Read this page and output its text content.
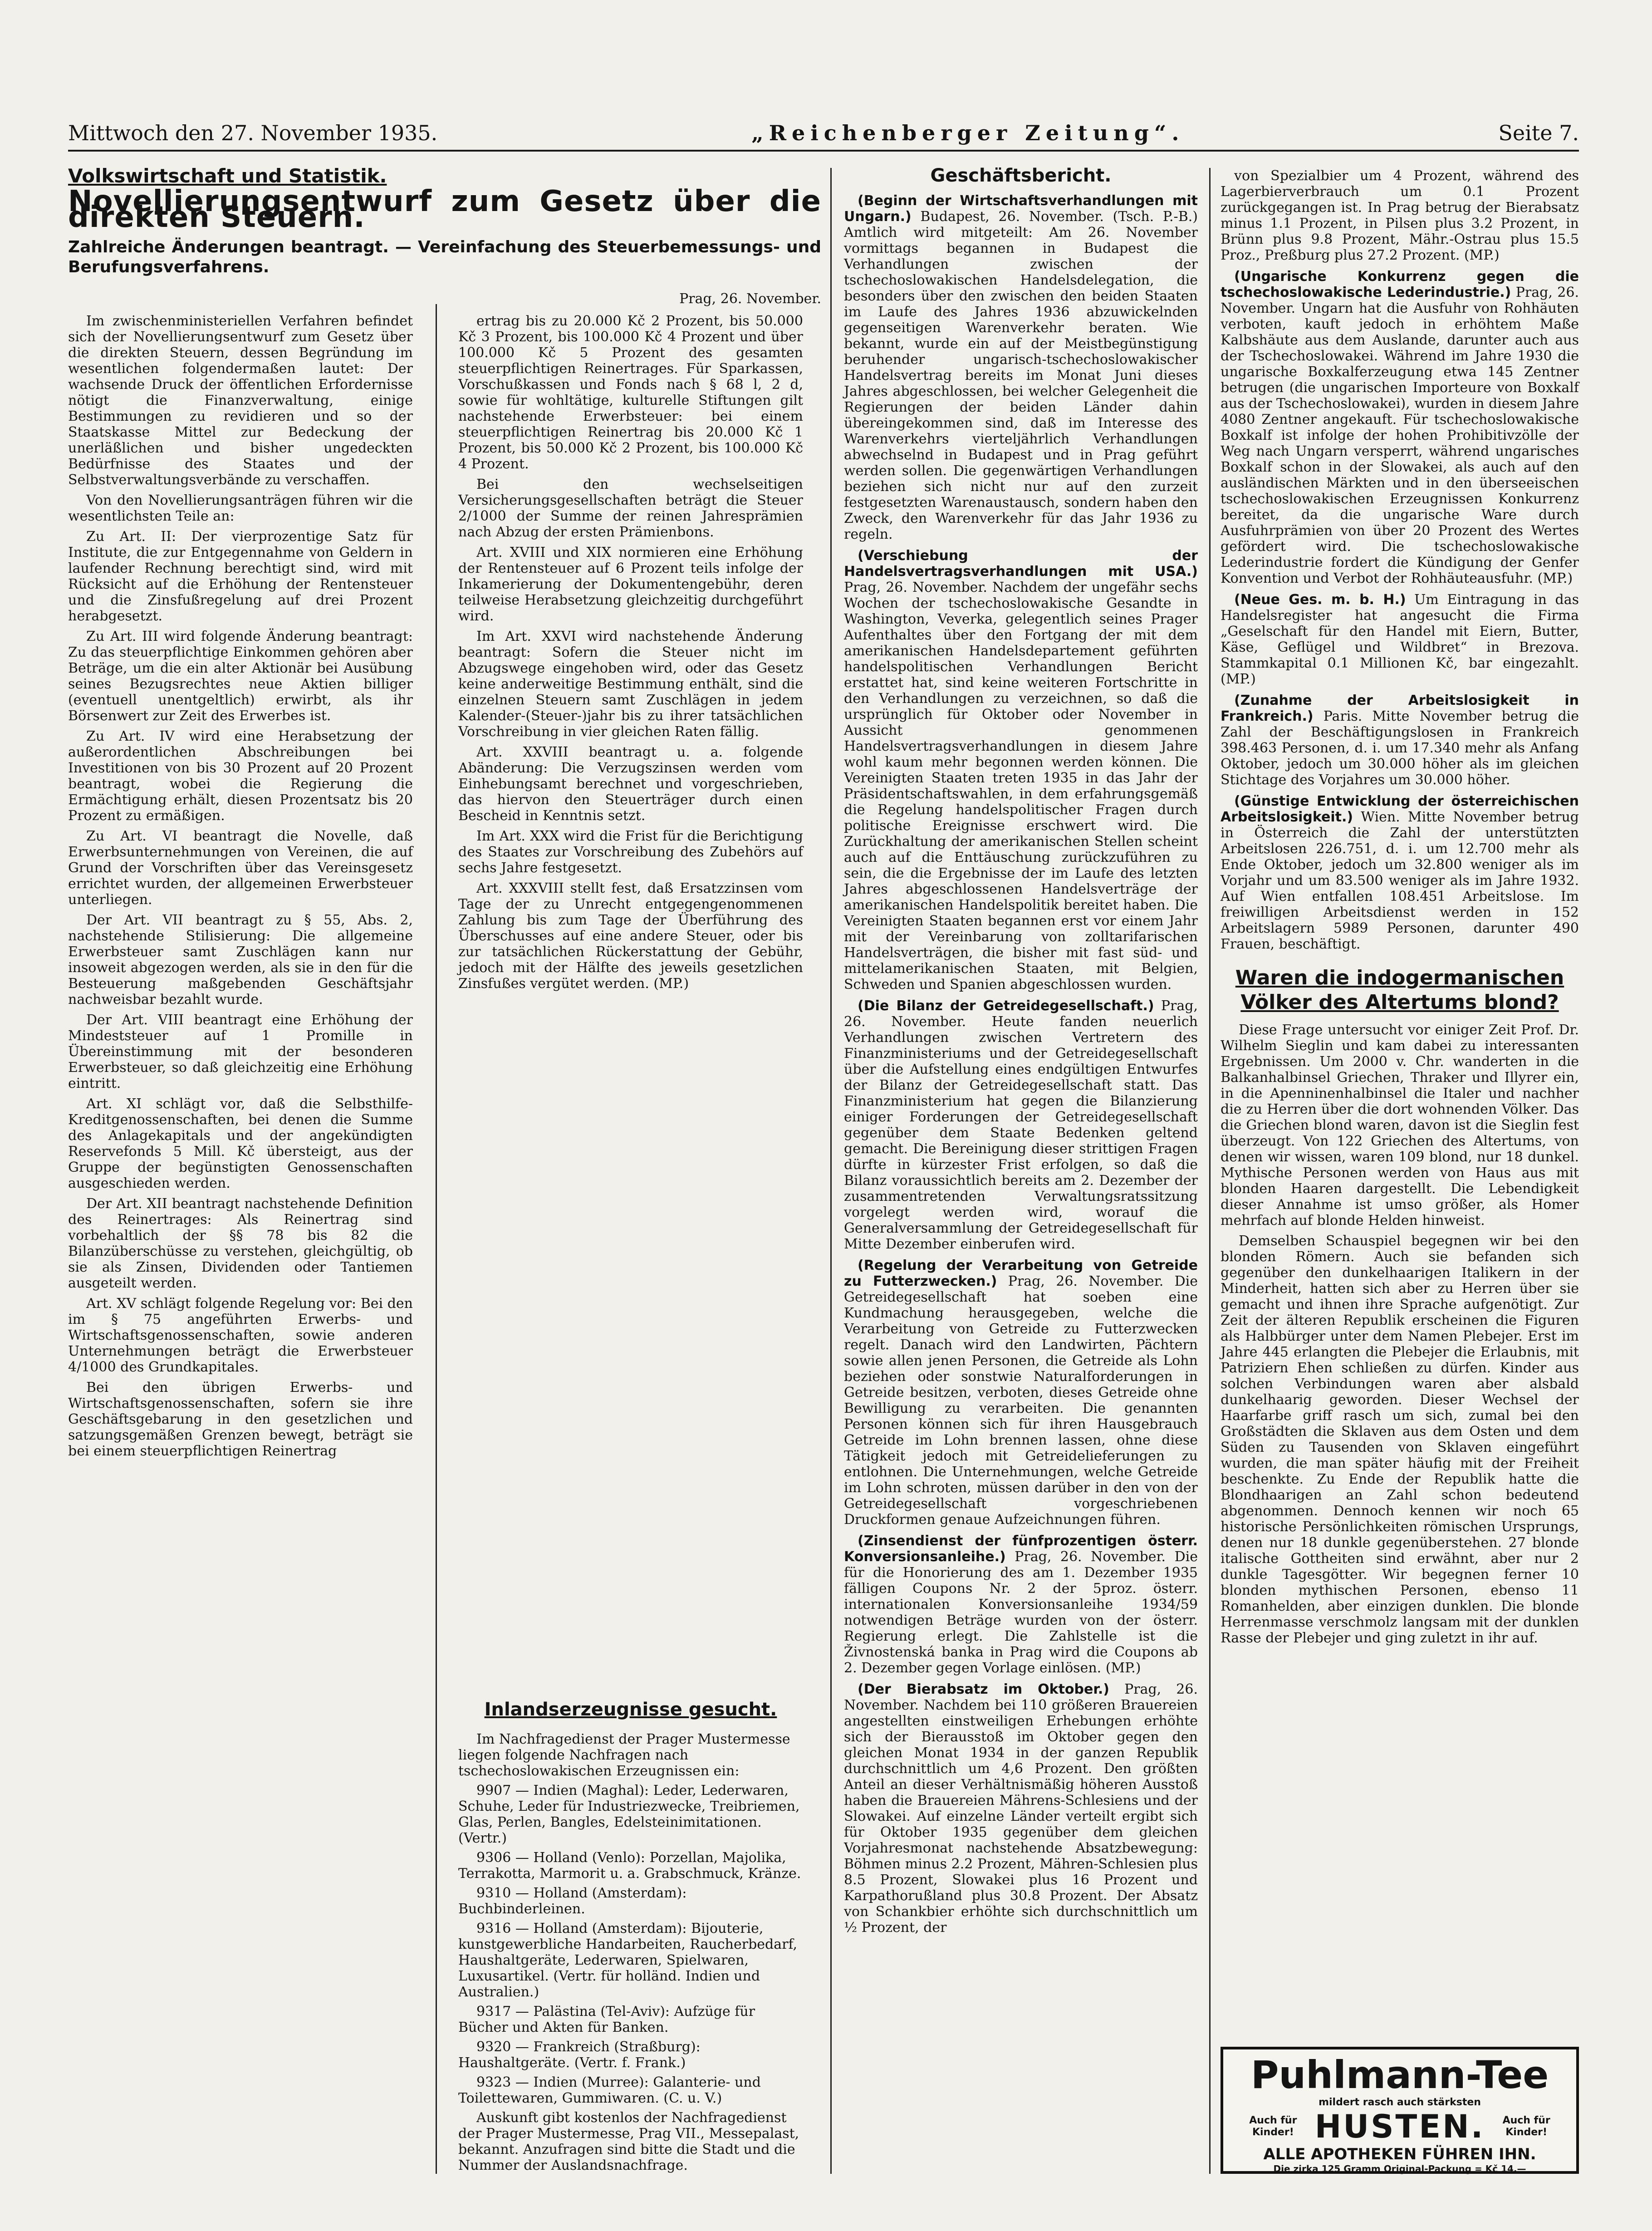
Mittwoch den 27. November 1935.	„Reichenberger Zeitung“.	Seite 7.
Volkswirtschaft und Statistik.
Novellierungsentwurf zum Gesetz über die direkten Steuern.
Zahlreiche Änderungen beantragt. — Vereinfachung des Steuerbemessungs- und Berufungsverfahrens.
Prag, 26. November.

Im zwischenministeriellen Verfahren befindet sich der Novellierungsentwurf zum Gesetz über die direkten Steuern, dessen Begründung im wesentlichen folgendermaßen lautet: Der wachsende Druck der öffentlichen Erfordernisse nötigt die Finanzverwaltung, einige Bestimmungen zu revidieren und so der Staatskasse Mittel zur Bedeckung der unerläßlichen und bisher ungedeckten Bedürfnisse des Staates und der Selbstverwaltungsverbände zu verschaffen.

Von den Novellierungsanträgen führen wir die wesentlichsten Teile an:

Zu Art. II: Der vierprozentige Satz für Institute, die zur Entgegennahme von Geldern in laufender Rechnung berechtigt sind, wird mit Rücksicht auf die Erhöhung der Rentensteuer und die Zinsfußregelung auf drei Prozent herabgesetzt.

Zu Art. III wird folgende Änderung beantragt: Zu das steuerpflichtige Einkommen gehören aber Beträge, um die ein alter Aktionär bei Ausübung seines Bezugsrechtes neue Aktien billiger (eventuell unentgeltlich) erwirbt, als ihr Börsenwert zur Zeit des Erwerbes ist.

Zu Art. IV wird eine Herabsetzung der außerordentlichen Abschreibungen bei Investitionen von bis 30 Prozent auf 20 Prozent beantragt, wobei die Regierung die Ermächtigung erhält, diesen Prozentsatz bis 20 Prozent zu ermäßigen.

Zu Art. VI beantragt die Novelle, daß Erwerbsunternehmungen von Vereinen, die auf Grund der Vorschriften über das Vereinsgesetz errichtet wurden, der allgemeinen Erwerbsteuer unterliegen.

Der Art. VII beantragt zu § 55, Abs. 2, nachstehende Stilisierung: Die allgemeine Erwerbsteuer samt Zuschlägen kann nur insoweit abgezogen werden, als sie in den für die Besteuerung maßgebenden Geschäftsjahr nachweisbar bezahlt wurde.

Der Art. VIII beantragt eine Erhöhung der Mindeststeuer auf 1 Promille in Übereinstimmung mit der besonderen Erwerbsteuer, so daß gleichzeitig eine Erhöhung eintritt.

Art. XI schlägt vor, daß die Selbsthilfe-Kreditgenossenschaften, bei denen die Summe des Anlagekapitals und der angekündigten Reservefonds 5 Mill. Kč übersteigt, aus der Gruppe der begünstigten Genossenschaften ausgeschieden werden.

Der Art. XII beantragt nachstehende Definition des Reinertrages: Als Reinertrag sind vorbehaltlich der §§ 78 bis 82 die Bilanzüberschüsse zu verstehen, gleichgültig, ob sie als Zinsen, Dividenden oder Tantiemen ausgeteilt werden.

Art. XV schlägt folgende Regelung vor: Bei den im § 75 angeführten Erwerbs- und Wirtschaftsgenossenschaften, sowie anderen Unternehmungen beträgt die Erwerbsteuer 4/1000 des Grundkapitales.

Bei den übrigen Erwerbs- und Wirtschaftsgenossenschaften, sofern sie ihre Geschäftsgebarung in den gesetzlichen und satzungsgemäßen Grenzen bewegt, beträgt sie bei einem steuerpflichtigen Reinertrag

ertrag bis zu 20.000 Kč 2 Prozent, bis 50.000 Kč 3 Prozent, bis 100.000 Kč 4 Prozent und über 100.000 Kč 5 Prozent des gesamten steuerpflichtigen Reinertrages. Für Sparkassen, Vorschußkassen und Fonds nach § 68 l, 2 d, sowie für wohltätige, kulturelle Stiftungen gilt nachstehende Erwerbsteuer: bei einem steuerpflichtigen Reinertrag bis 20.000 Kč 1 Prozent, bis 50.000 Kč 2 Prozent, bis 100.000 Kč 4 Prozent.

Bei den wechselseitigen Versicherungsgesellschaften beträgt die Steuer 2/1000 der Summe der reinen Jahresprämien nach Abzug der ersten Prämienbons.

Art. XVIII und XIX normieren eine Erhöhung der Rentensteuer auf 6 Prozent teils infolge der Inkamerierung der Dokumentengebühr, deren teilweise Herabsetzung gleichzeitig durchgeführt wird.

Im Art. XXVI wird nachstehende Änderung beantragt: Sofern die Steuer nicht im Abzugswege eingehoben wird, oder das Gesetz keine anderweitige Bestimmung enthält, sind die einzelnen Steuern samt Zuschlägen in jedem Kalender-(Steuer-)jahr bis zu ihrer tatsächlichen Vorschreibung in vier gleichen Raten fällig.

Art. XXVIII beantragt u. a. folgende Abänderung: Die Verzugszinsen werden vom Einhebungsamt berechnet und vorgeschrieben, das hiervon den Steuerträger durch einen Bescheid in Kenntnis setzt.

Im Art. XXX wird die Frist für die Berichtigung des Staates zur Vorschreibung des Zubehörs auf sechs Jahre festgesetzt.

Art. XXXVIII stellt fest, daß Ersatzzinsen vom Tage der zu Unrecht entgegengenommenen Zahlung bis zum Tage der Überführung des Überschusses auf eine andere Steuer, oder bis zur tatsächlichen Rückerstattung der Gebühr, jedoch mit der Hälfte des jeweils gesetzlichen Zinsfußes vergütet werden. (MP.)

Inlandserzeugnisse gesucht.

Im Nachfragedienst der Prager Mustermesse liegen folgende Nachfragen nach tschechoslowakischen Erzeugnissen ein:

9907 — Indien (Maghal): Leder, Lederwaren, Schuhe, Leder für Industriezwecke, Treibriemen, Glas, Perlen, Bangles, Edelsteinimitationen. (Vertr.)
9306 — Holland (Venlo): Porzellan, Majolika, Terrakotta, Marmorit u. a. Grabschmuck, Kränze.
9310 — Holland (Amsterdam): Buchbinderleinen.
9316 — Holland (Amsterdam): Bijouterie, kunstgewerbliche Handarbeiten, Raucherbedarf, Haushaltgeräte, Lederwaren, Spielwaren, Luxusartikel. (Vertr. für holländ. Indien und Australien.)
9317 — Palästina (Tel-Aviv): Aufzüge für Bücher und Akten für Banken.
9320 — Frankreich (Straßburg): Haushaltgeräte. (Vertr. f. Frank.)
9323 — Indien (Murree): Galanterie- und Toilettewaren, Gummiwaren. (C. u. V.)
Auskunft gibt kostenlos der Nachfragedienst der Prager Mustermesse, Prag VII., Messepalast, bekannt. Anzufragen sind bitte die Stadt und die Nummer der Auslandsnachfrage.
Geschäftsbericht.
(Beginn der Wirtschaftsverhandlungen mit Ungarn.) Budapest, 26. November. (Tsch. P.-B.) Amtlich wird mitgeteilt: Am 26. November vormittags begannen in Budapest die Verhandlungen zwischen der tschechoslowakischen Handelsdelegation, die besonders über den zwischen den beiden Staaten im Laufe des Jahres 1936 abzuwickelnden gegenseitigen Warenverkehr beraten. Wie bekannt, wurde ein auf der Meistbegünstigung beruhender ungarisch-tschechoslowakischer Handelsvertrag bereits im Monat Juni dieses Jahres abgeschlossen, bei welcher Gelegenheit die Regierungen der beiden Länder dahin übereingekommen sind, daß im Interesse des Warenverkehrs vierteljährlich Verhandlungen abwechselnd in Budapest und in Prag geführt werden sollen. Die gegenwärtigen Verhandlungen beziehen sich nicht nur auf den zurzeit festgesetzten Warenaustausch, sondern haben den Zweck, den Warenverkehr für das Jahr 1936 zu regeln.
(Verschiebung der Handelsvertragsverhandlungen mit USA.) Prag, 26. November. Nachdem der ungefähr sechs Wochen der tschechoslowakische Gesandte in Washington, Veverka, gelegentlich seines Prager Aufenthaltes über den Fortgang der mit dem amerikanischen Handelsdepartement geführten handelspolitischen Verhandlungen Bericht erstattet hat, sind keine weiteren Fortschritte in den Verhandlungen zu verzeichnen, so daß die ursprünglich für Oktober oder November in Aussicht genommenen Handelsvertragsverhandlungen in diesem Jahre wohl kaum mehr begonnen werden können. Die Vereinigten Staaten treten 1935 in das Jahr der Präsidentschaftswahlen, in dem erfahrungsgemäß die Regelung handelspolitischer Fragen durch politische Ereignisse erschwert wird. Die Zurückhaltung der amerikanischen Stellen scheint auch auf die Enttäuschung zurückzuführen zu sein, die die Ergebnisse der im Laufe des letzten Jahres abgeschlossenen Handelsverträge der amerikanischen Handelspolitik bereitet haben. Die Vereinigten Staaten begannen erst vor einem Jahr mit der Vereinbarung von zolltarifarischen Handelsverträgen, die bisher mit fast süd- und mittelamerikanischen Staaten, mit Belgien, Schweden und Spanien abgeschlossen wurden.
(Die Bilanz der Getreidegesellschaft.) Prag, 26. November. Heute fanden neuerlich Verhandlungen zwischen Vertretern des Finanzministeriums und der Getreidegesellschaft über die Aufstellung eines endgültigen Entwurfes der Bilanz der Getreidegesellschaft statt. Das Finanzministerium hat gegen die Bilanzierung einiger Forderungen der Getreidegesellschaft gegenüber dem Staate Bedenken geltend gemacht. Die Bereinigung dieser strittigen Fragen dürfte in kürzester Frist erfolgen, so daß die Bilanz voraussichtlich bereits am 2. Dezember der zusammentretenden Verwaltungsratssitzung vorgelegt werden wird, worauf die Generalversammlung der Getreidegesellschaft für Mitte Dezember einberufen wird.
(Regelung der Verarbeitung von Getreide zu Futterzwecken.) Prag, 26. November. Die Getreidegesellschaft hat soeben eine Kundmachung herausgegeben, welche die Verarbeitung von Getreide zu Futterzwecken regelt. Danach wird den Landwirten, Pächtern sowie allen jenen Personen, die Getreide als Lohn beziehen oder sonstwie Naturalforderungen in Getreide besitzen, verboten, dieses Getreide ohne Bewilligung zu verarbeiten. Die genannten Personen können sich für ihren Hausgebrauch Getreide im Lohn brennen lassen, ohne diese Tätigkeit jedoch mit Getreidelieferungen zu entlohnen. Die Unternehmungen, welche Getreide im Lohn schroten, müssen darüber in den von der Getreidegesellschaft vorgeschriebenen Druckformen genaue Aufzeichnungen führen.
(Zinsendienst der fünfprozentigen österr. Konversionsanleihe.) Prag, 26. November. Die für die Honorierung des am 1. Dezember 1935 fälligen Coupons Nr. 2 der 5proz. österr. internationalen Konversionsanleihe 1934/59 notwendigen Beträge wurden von der österr. Regierung erlegt. Die Zahlstelle ist die Živnostenská banka in Prag wird die Coupons ab 2. Dezember gegen Vorlage einlösen. (MP.)
(Der Bierabsatz im Oktober.) Prag, 26. November. Nachdem bei 110 größeren Brauereien angestellten einstweiligen Erhebungen erhöhte sich der Bierausstoß im Oktober gegen den gleichen Monat 1934 in der ganzen Republik durchschnittlich um 4,6 Prozent. Den größten Anteil an dieser Verhältnismäßig höheren Ausstoß haben die Brauereien Mährens-Schlesiens und der Slowakei. Auf einzelne Länder verteilt ergibt sich für Oktober 1935 gegenüber dem gleichen Vorjahresmonat nachstehende Absatzbewegung: Böhmen minus 2.2 Prozent, Mähren-Schlesien plus 8.5 Prozent, Slowakei plus 16 Prozent und Karpathorußland plus 30.8 Prozent. Der Absatz von Schankbier erhöhte sich durchschnittlich um ½ Prozent, der
von Spezialbier um 4 Prozent, während des Lagerbierverbrauch um 0.1 Prozent zurückgegangen ist. In Prag betrug der Bierabsatz minus 1.1 Prozent, in Pilsen plus 3.2 Prozent, in Brünn plus 9.8 Prozent, Mähr.-Ostrau plus 15.5 Proz., Preßburg plus 27.2 Prozent. (MP.)
(Ungarische Konkurrenz gegen die tschechoslowakische Lederindustrie.) Prag, 26. November. Ungarn hat die Ausfuhr von Rohhäuten verboten, kauft jedoch in erhöhtem Maße Kalbshäute aus dem Auslande, darunter auch aus der Tschechoslowakei. Während im Jahre 1930 die ungarische Boxkalferzeugung etwa 145 Zentner betrugen (die ungarischen Importeure von Boxkalf aus der Tschechoslowakei), wurden in diesem Jahre 4080 Zentner angekauft. Für tschechoslowakische Boxkalf ist infolge der hohen Prohibitivzölle der Weg nach Ungarn versperrt, während ungarisches Boxkalf schon in der Slowakei, als auch auf den ausländischen Märkten und in den überseeischen tschechoslowakischen Erzeugnissen Konkurrenz bereitet, da die ungarische Ware durch Ausfuhrprämien von über 20 Prozent des Wertes gefördert wird. Die tschechoslowakische Lederindustrie fordert die Kündigung der Genfer Konvention und Verbot der Rohhäuteausfuhr. (MP.)
(Neue Ges. m. b. H.) Um Eintragung in das Handelsregister hat angesucht die Firma „Geselschaft für den Handel mit Eiern, Butter, Käse, Geflügel und Wildbret“ in Brezova. Stammkapital 0.1 Millionen Kč, bar eingezahlt. (MP.)
(Zunahme der Arbeitslosigkeit in Frankreich.) Paris. Mitte November betrug die Zahl der Beschäftigungslosen in Frankreich 398.463 Personen, d. i. um 17.340 mehr als Anfang Oktober, jedoch um 30.000 höher als im gleichen Stichtage des Vorjahres um 30.000 höher.
(Günstige Entwicklung der österreichischen Arbeitslosigkeit.) Wien. Mitte November betrug in Österreich die Zahl der unterstützten Arbeitslosen 226.751, d. i. um 12.700 mehr als Ende Oktober, jedoch um 32.800 weniger als im Vorjahr und um 83.500 weniger als im Jahre 1932. Auf Wien entfallen 108.451 Arbeitslose. Im freiwilligen Arbeitsdienst werden in 152 Arbeitslagern 5989 Personen, darunter 490 Frauen, beschäftigt.
Waren die indogermanischen Völker des Altertums blond?

Diese Frage untersucht vor einiger Zeit Prof. Dr. Wilhelm Sieglin und kam dabei zu interessanten Ergebnissen. Um 2000 v. Chr. wanderten in die Balkanhalbinsel Griechen, Thraker und Illyrer ein, in die Apenninenhalbinsel die Italer und nachher die zu Herren über die dort wohnenden Völker. Das die Griechen blond waren, davon ist die Sieglin fest überzeugt. Von 122 Griechen des Altertums, von denen wir wissen, waren 109 blond, nur 18 dunkel. Mythische Personen werden von Haus aus mit blonden Haaren dargestellt. Die Lebendigkeit dieser Annahme ist umso größer, als Homer mehrfach auf blonde Helden hinweist.

Demselben Schauspiel begegnen wir bei den blonden Römern. Auch sie befanden sich gegenüber den dunkelhaarigen Italikern in der Minderheit, hatten sich aber zu Herren über sie gemacht und ihnen ihre Sprache aufgenötigt. Zur Zeit der älteren Republik erscheinen die Figuren als Halbbürger unter dem Namen Plebejer. Erst im Jahre 445 erlangten die Plebejer die Erlaubnis, mit Patriziern Ehen schließen zu dürfen. Kinder aus solchen Verbindungen waren aber alsbald dunkelhaarig geworden. Dieser Wechsel der Haarfarbe griff rasch um sich, zumal bei den Großstädten die Sklaven aus dem Osten und dem Süden zu Tausenden von Sklaven eingeführt wurden, die man später häufig mit der Freiheit beschenkte. Zu Ende der Republik hatte die Blondhaarigen an Zahl schon bedeutend abgenommen. Dennoch kennen wir noch 65 historische Persönlichkeiten römischen Ursprungs, denen nur 18 dunkle gegenüberstehen. 27 blonde italische Gottheiten sind erwähnt, aber nur 2 dunkle Tagesgötter. Wir begegnen ferner 10 blonden mythischen Personen, ebenso 11 Romanhelden, aber einzigen dunklen. Die blonde Herrenmasse verschmolz langsam mit der dunklen Rasse der Plebejer und ging zuletzt in ihr auf.

Puhlmann-Tee
mildert rasch auch stärksten
Auch für Kinder! HUSTEN.	Auch für Kinder!
ALLE APOTHEKEN FÜHREN IHN.
Die zirka 125 Gramm Original-Packung = Kč 14.—
